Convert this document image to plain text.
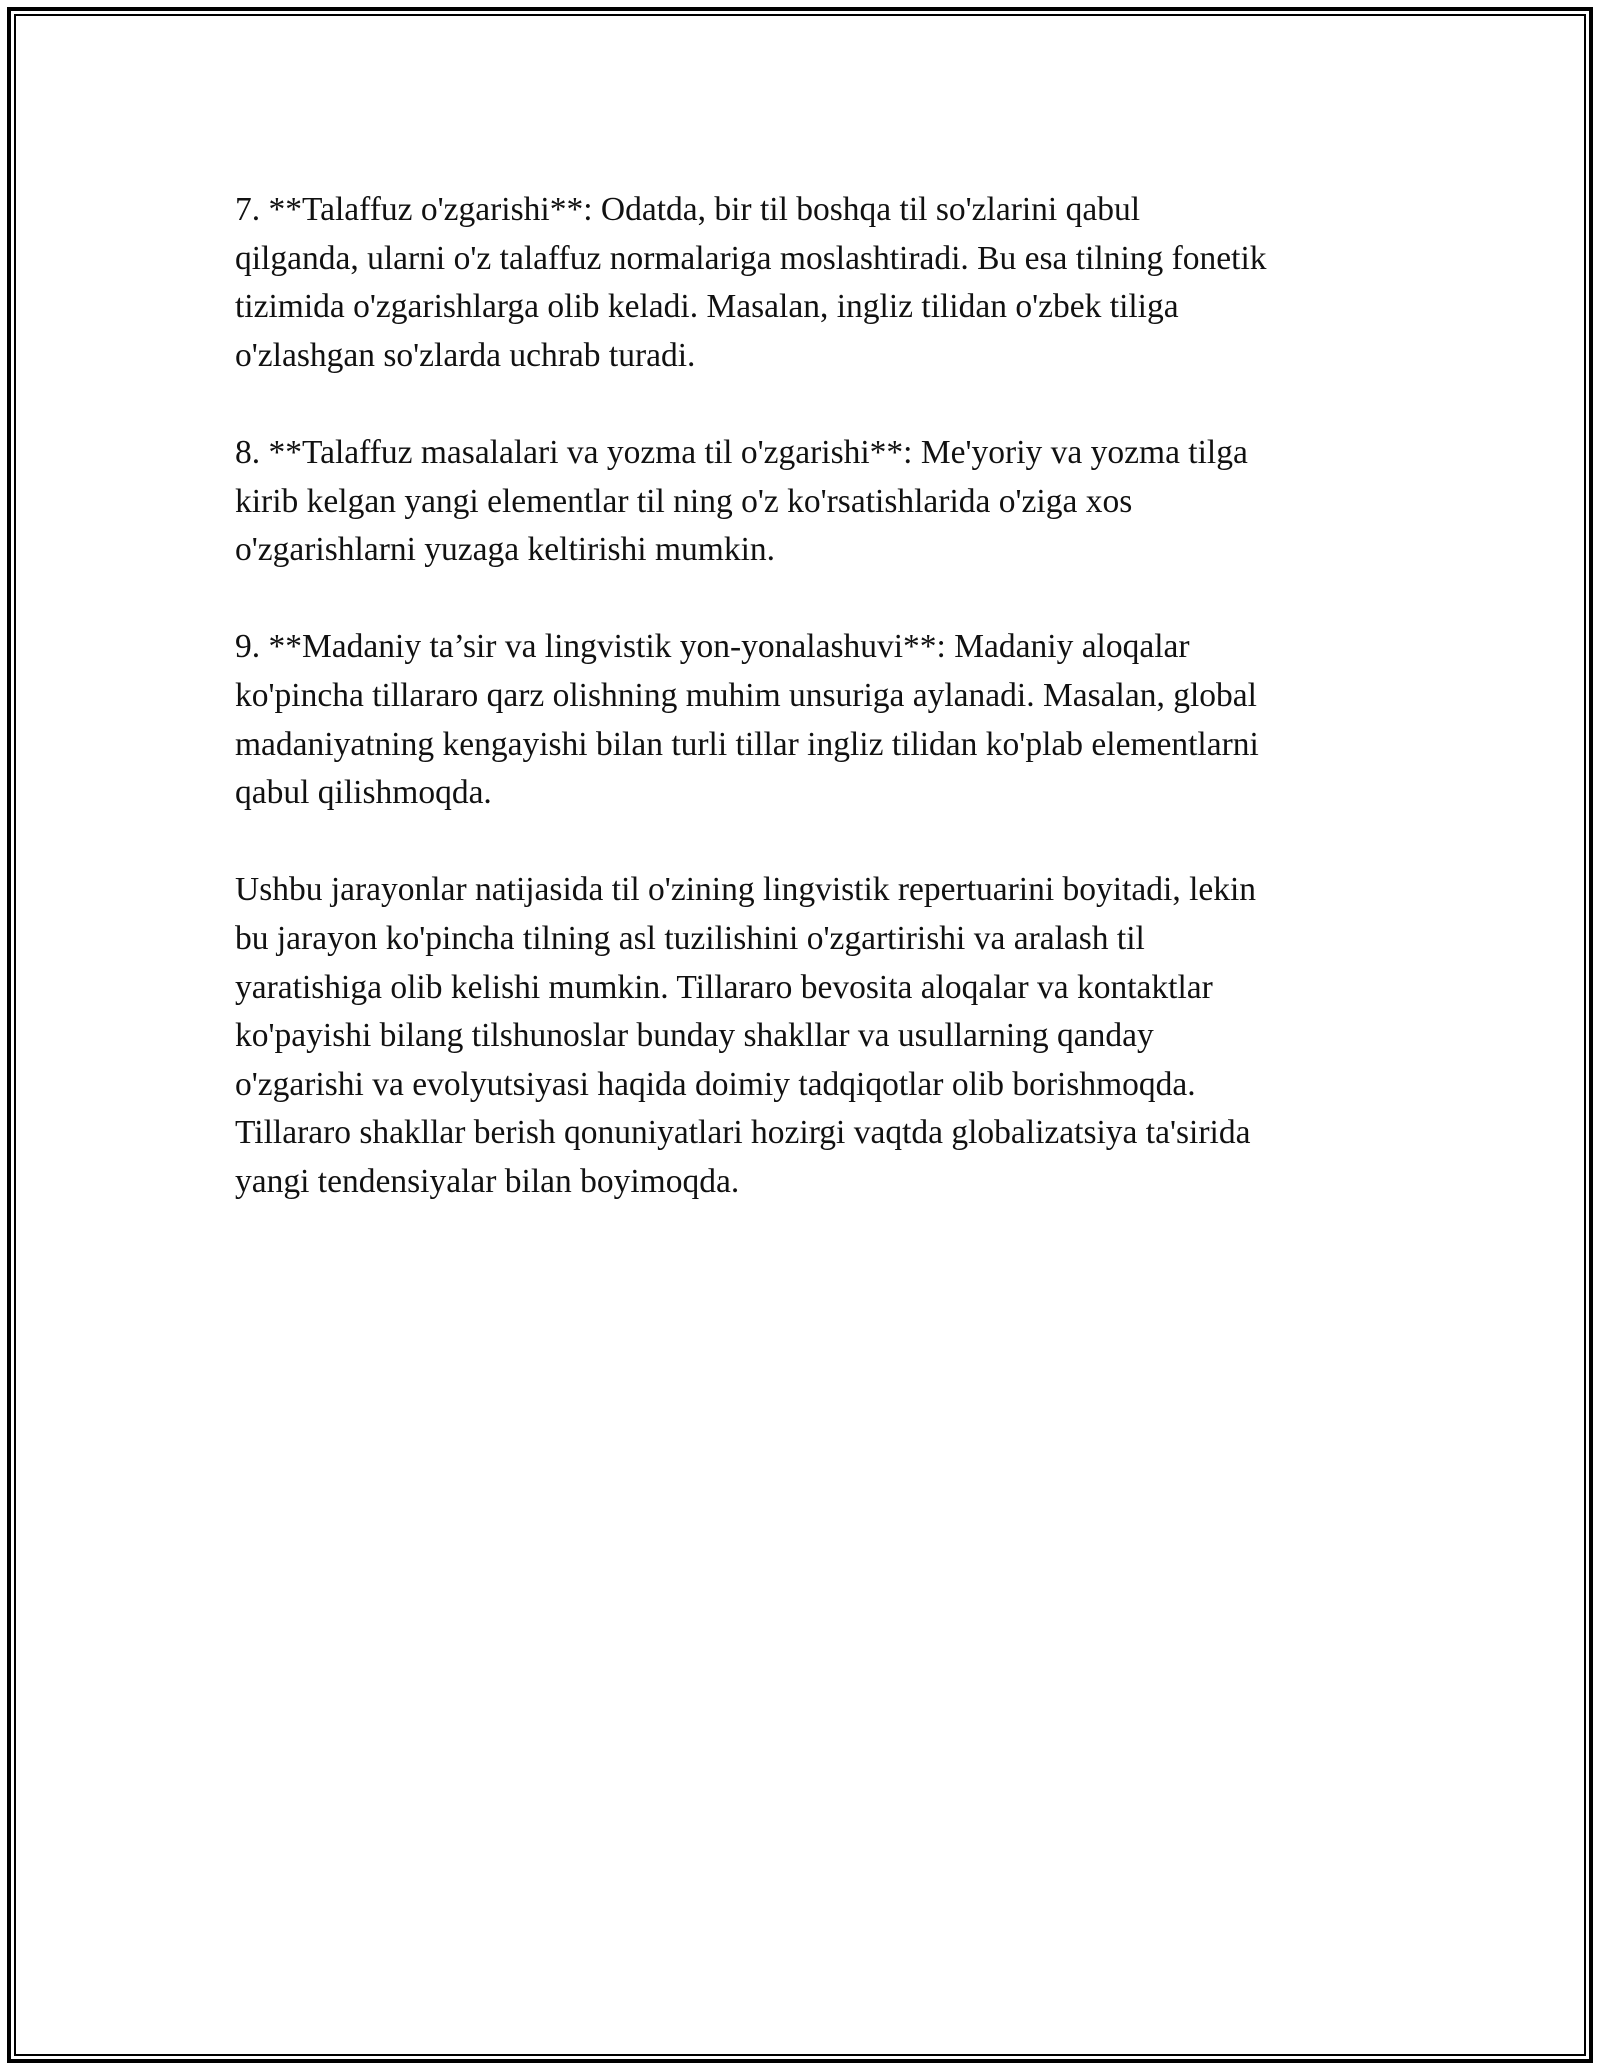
7. **Talaffuz o'zgarishi**: Odatda, bir til boshqa til so'zlarini qabul
qilganda, ularni o'z talaffuz normalariga moslashtiradi. Bu esa tilning fonetik
tizimida o'zgarishlarga olib keladi. Masalan, ingliz tilidan o'zbek tiliga
o'zlashgan so'zlarda uchrab turadi.

8. **Talaffuz masalalari va yozma til o'zgarishi**: Me'yoriy va yozma tilga
kirib kelgan yangi elementlar til ning o'z ko'rsatishlarida o'ziga xos
o'zgarishlarni yuzaga keltirishi mumkin.

9. **Madaniy ta’sir va lingvistik yon-yonalashuvi**: Madaniy aloqalar
ko'pincha tillararo qarz olishning muhim unsuriga aylanadi. Masalan, global
madaniyatning kengayishi bilan turli tillar ingliz tilidan ko'plab elementlarni
qabul qilishmoqda.

Ushbu jarayonlar natijasida til o'zining lingvistik repertuarini boyitadi, lekin
bu jarayon ko'pincha tilning asl tuzilishini o'zgartirishi va aralash til
yaratishiga olib kelishi mumkin. Tillararo bevosita aloqalar va kontaktlar
ko'payishi bilang tilshunoslar bunday shakllar va usullarning qanday
o'zgarishi va evolyutsiyasi haqida doimiy tadqiqotlar olib borishmoqda.
Tillararo shakllar berish qonuniyatlari hozirgi vaqtda globalizatsiya ta'sirida
yangi tendensiyalar bilan boyimoqda.
